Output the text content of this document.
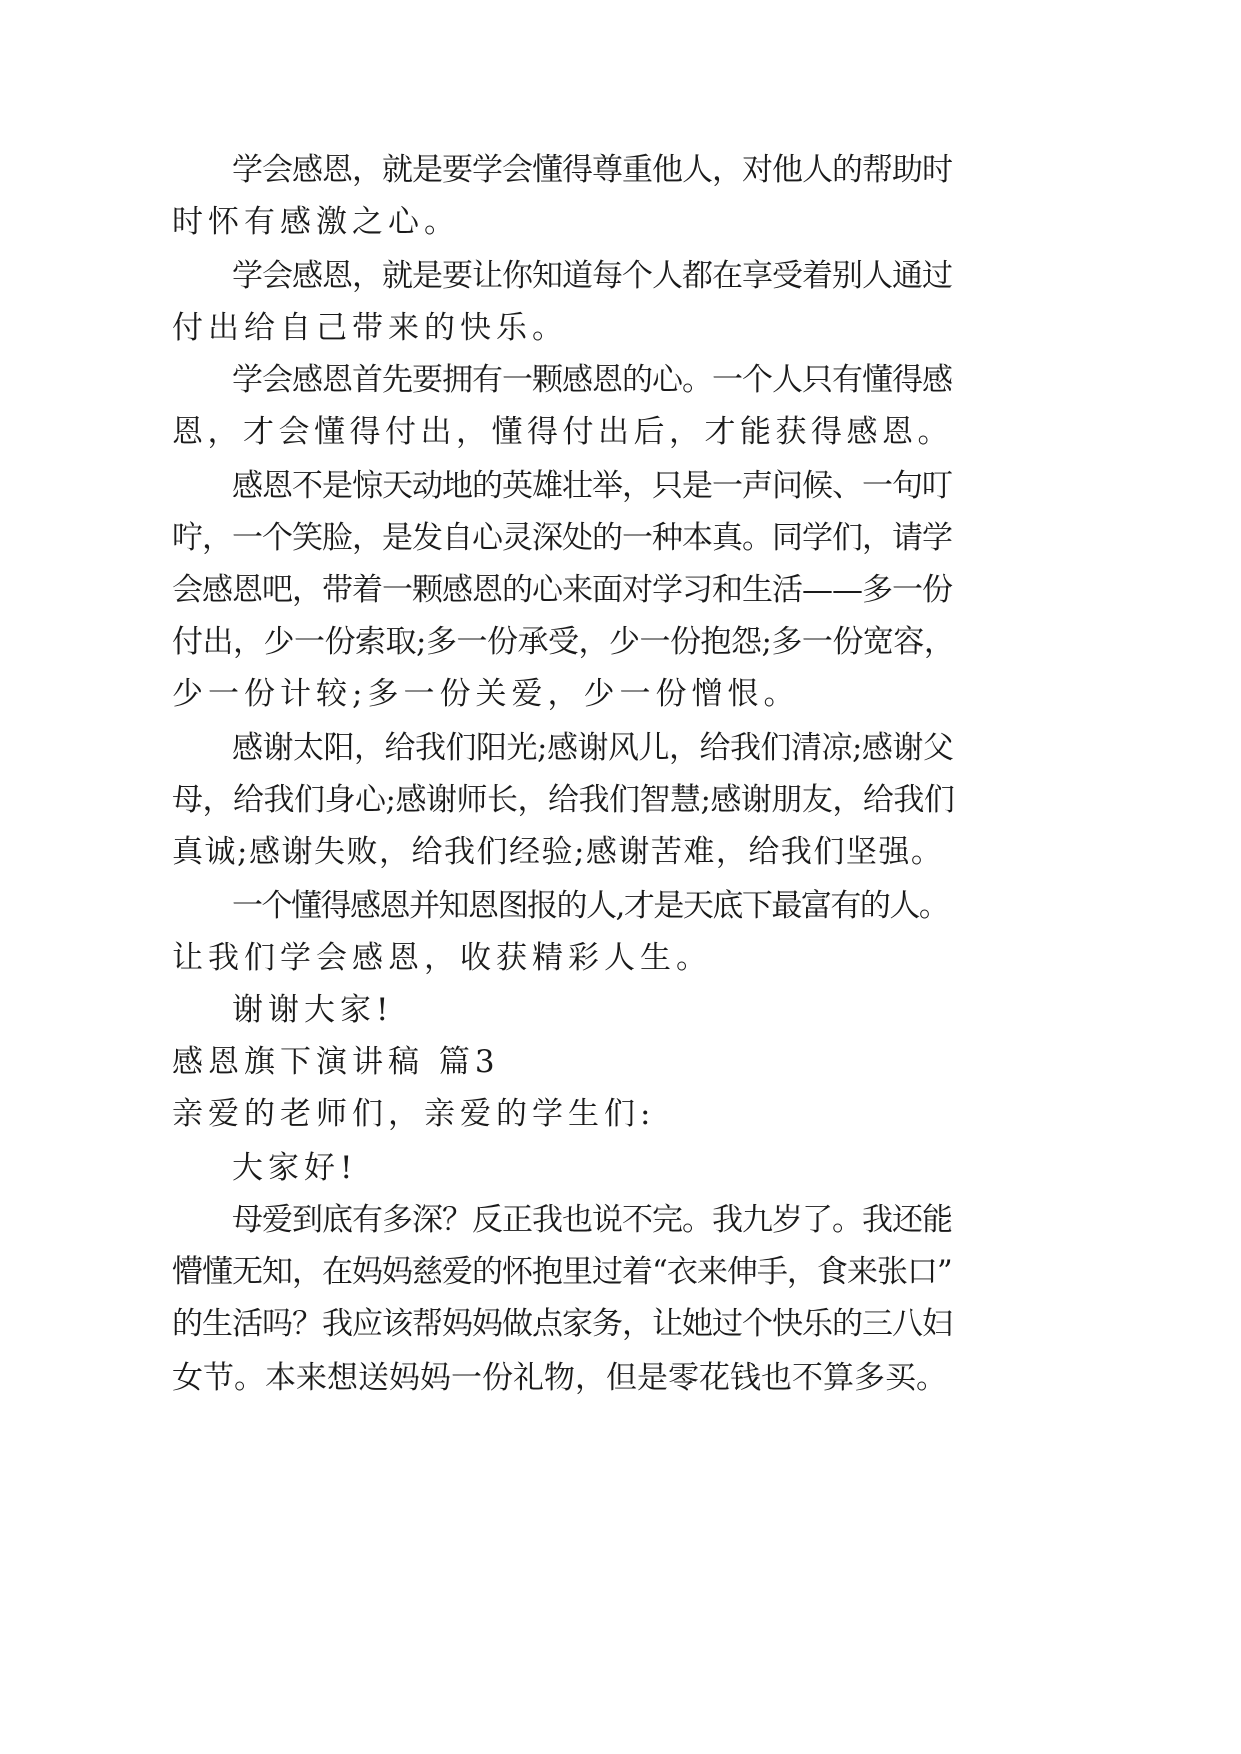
学会感恩，就是要学会懂得尊重他人，对他人的帮助时
时怀有感激之心。
学会感恩，就是要让你知道每个人都在享受着别人通过
付出给自己带来的快乐。
学会感恩首先要拥有一颗感恩的心。一个人只有懂得感
恩，才会懂得付出，懂得付出后，才能获得感恩。
感恩不是惊天动地的英雄壮举，只是一声问候、一句叮
咛，一个笑脸，是发自心灵深处的一种本真。同学们，请学
会感恩吧，带着一颗感恩的心来面对学习和生活——多一份
付出，少一份索取;多一份承受，少一份抱怨;多一份宽容，
少一份计较;多一份关爱，少一份憎恨。
感谢太阳，给我们阳光;感谢风儿，给我们清凉;感谢父
母，给我们身心;感谢师长，给我们智慧;感谢朋友，给我们
真诚;感谢失败，给我们经验;感谢苦难，给我们坚强。
一个懂得感恩并知恩图报的人,才是天底下最富有的人。
让我们学会感恩，收获精彩人生。
谢谢大家!
感恩旗下演讲稿 篇3
亲爱的老师们，亲爱的学生们:
大家好!
母爱到底有多深？反正我也说不完。我九岁了。我还能
懵懂无知，在妈妈慈爱的怀抱里过着“衣来伸手，食来张口”
的生活吗？我应该帮妈妈做点家务，让她过个快乐的三八妇
女节。本来想送妈妈一份礼物，但是零花钱也不算多买。
